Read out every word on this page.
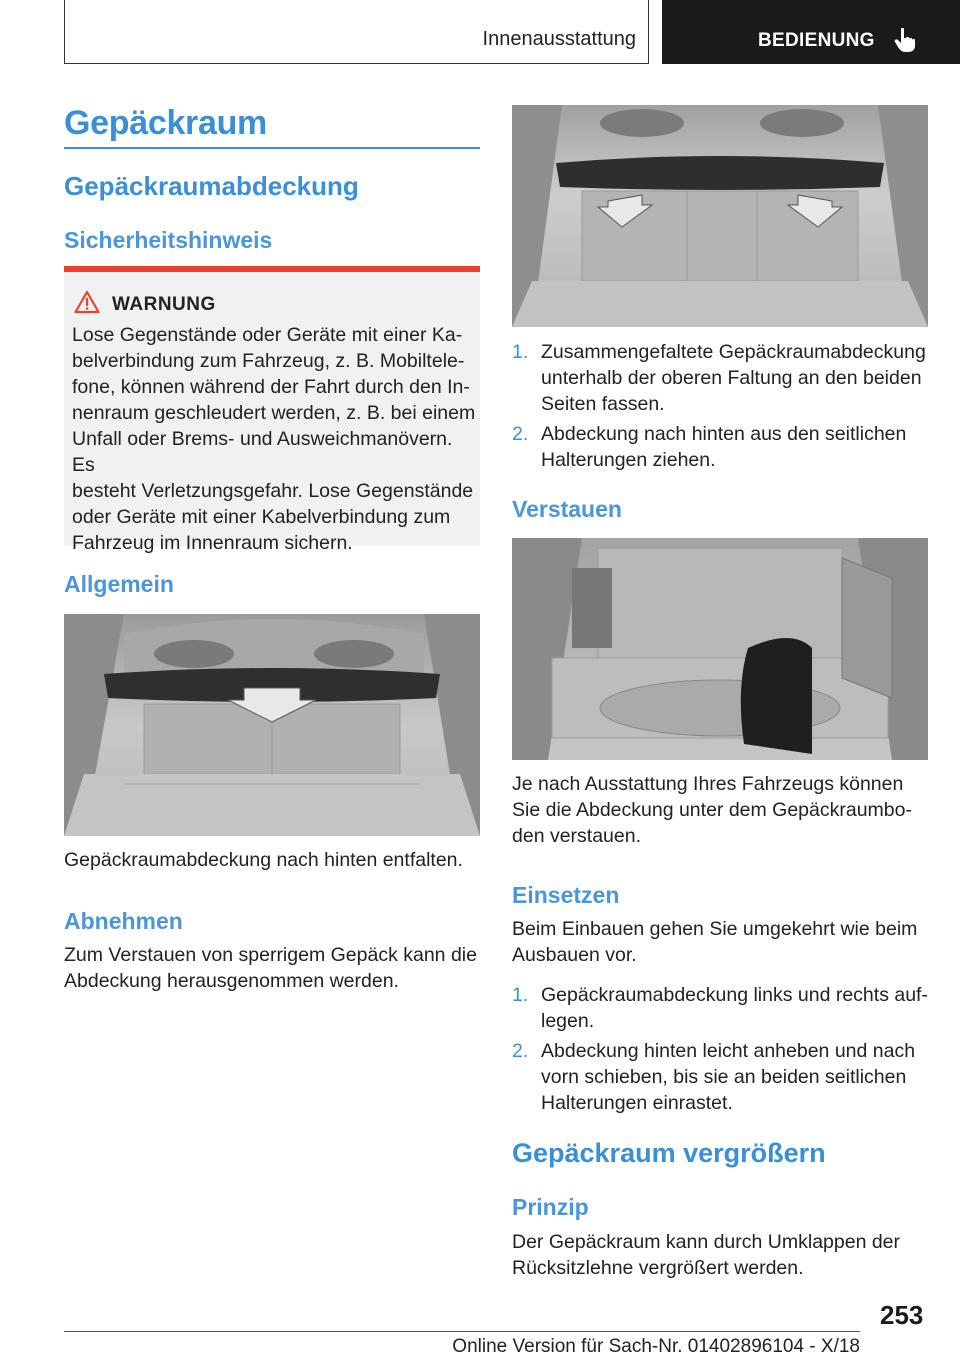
Innenausstattung	BEDIENUNG
Gepäckraum
Gepäckraumabdeckung
Sicherheitshinweis
WARNUNG
Lose Gegenstände oder Geräte mit einer Ka-
belverbindung zum Fahrzeug, z. B. Mobiltele-
fone, können während der Fahrt durch den In-
nenraum geschleudert werden, z. B. bei einem
Unfall oder Brems- und Ausweichmanövern. Es
besteht Verletzungsgefahr. Lose Gegenstände
oder Geräte mit einer Kabelverbindung zum
Fahrzeug im Innenraum sichern.
Allgemein
Gepäckraumabdeckung nach hinten entfalten.
Abnehmen
Zum Verstauen von sperrigem Gepäck kann die
Abdeckung herausgenommen werden.
1. Zusammengefaltete Gepäckraumabdeckung
unterhalb der oberen Faltung an den beiden
Seiten fassen.
2. Abdeckung nach hinten aus den seitlichen
Halterungen ziehen.
Verstauen
Je nach Ausstattung Ihres Fahrzeugs können
Sie die Abdeckung unter dem Gepäckraumbo-
den verstauen.
Einsetzen
Beim Einbauen gehen Sie umgekehrt wie beim
Ausbauen vor.
1. Gepäckraumabdeckung links und rechts auf-
legen.
2. Abdeckung hinten leicht anheben und nach
vorn schieben, bis sie an beiden seitlichen
Halterungen einrastet.
Gepäckraum vergrößern
Prinzip
Der Gepäckraum kann durch Umklappen der
Rücksitzlehne vergrößert werden.
253
Online Version für Sach-Nr. 01402896104 - X/18
